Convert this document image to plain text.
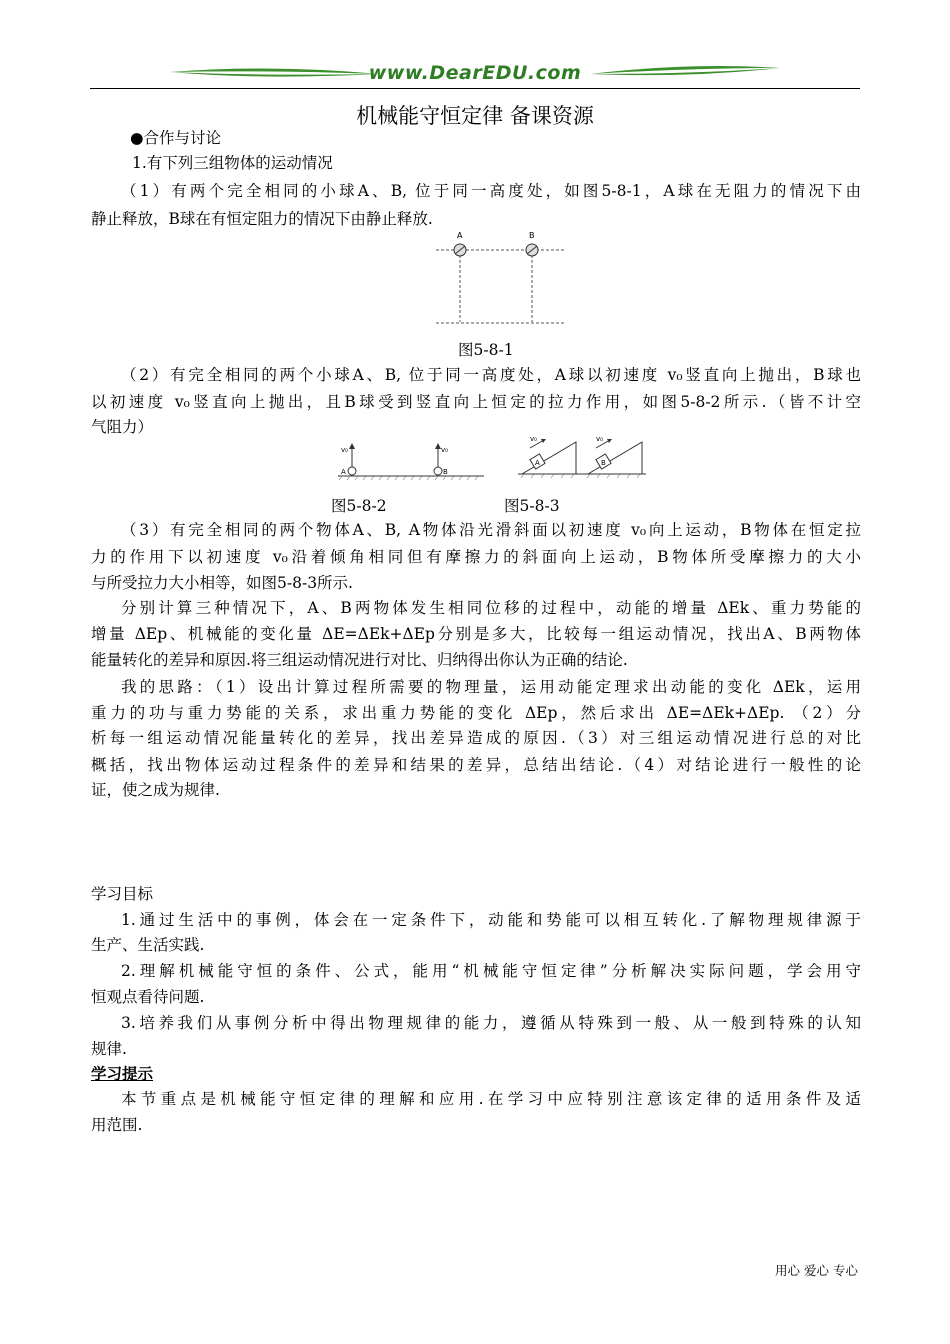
www.DearEDU.com
机械能守恒定律 备课资源
●合作与讨论
1.有下列三组物体的运动情况
（1）有两个完全相同的小球A、B, 位于同一高度处，如图5-8-1，A球在无阻力的情况下由
静止释放，B球在有恒定阻力的情况下由静止释放.
A	B
图5-8-1
（2）有完全相同的两个小球A、B, 位于同一高度处，A球以初速度 v₀竖直向上抛出，B球也
以初速度 v₀竖直向上抛出，且B球受到竖直向上恒定的拉力作用，如图5-8-2所示.（皆不计空
气阻力）
v₀	v₀
A	B
图5-8-2
v₀	v₀
A	B
图5-8-3
（3）有完全相同的两个物体A、B, A物体沿光滑斜面以初速度 v₀向上运动，B物体在恒定拉
力的作用下以初速度 v₀沿着倾角相同但有摩擦力的斜面向上运动，B物体所受摩擦力的大小
与所受拉力大小相等，如图5-8-3所示.
分别计算三种情况下，A、B两物体发生相同位移的过程中，动能的增量 ΔEk、重力势能的
增量 ΔEp、机械能的变化量 ΔE=ΔEk+ΔEp分别是多大，比较每一组运动情况，找出A、B两物体
能量转化的差异和原因.将三组运动情况进行对比、归纳得出你认为正确的结论.
我的思路：（1）设出计算过程所需要的物理量，运用动能定理求出动能的变化 ΔEk，运用
重力的功与重力势能的关系，求出重力势能的变化 ΔEp，然后求出 ΔE=ΔEk+ΔEp. （2）分
析每一组运动情况能量转化的差异，找出差异造成的原因.（3）对三组运动情况进行总的对比
概括，找出物体运动过程条件的差异和结果的差异，总结出结论.（4）对结论进行一般性的论
证，使之成为规律.
学习目标
1.通过生活中的事例，体会在一定条件下，动能和势能可以相互转化.了解物理规律源于
生产、生活实践.
2.理解机械能守恒的条件、公式，能用“机械能守恒定律”分析解决实际问题，学会用守
恒观点看待问题.
3.培养我们从事例分析中得出物理规律的能力，遵循从特殊到一般、从一般到特殊的认知
规律.
学习提示
本节重点是机械能守恒定律的理解和应用.在学习中应特别注意该定律的适用条件及适
用范围.
用心 爱心 专心
